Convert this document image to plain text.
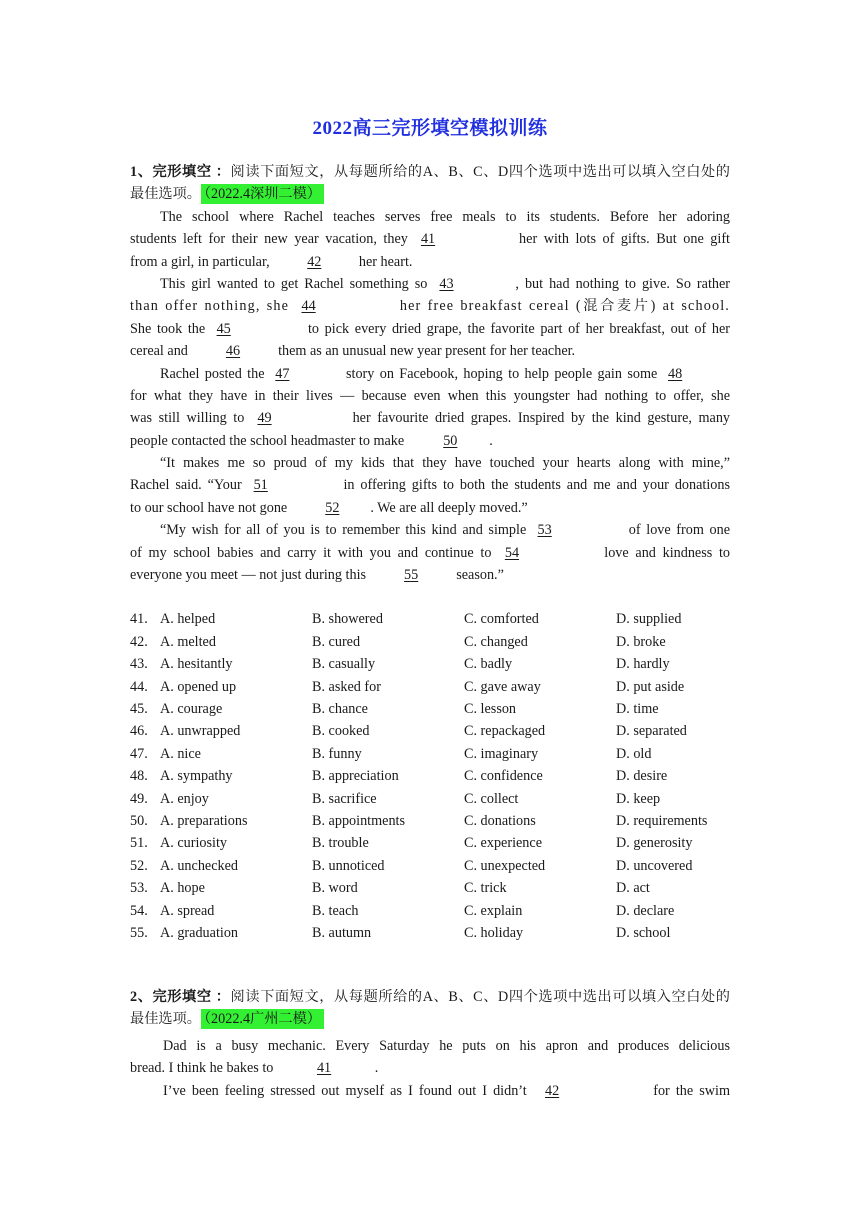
2022高三完形填空模拟训练
1、完形填空 ：阅读下面短文，从每题所给的A、B、C、D四个选项中选出可以填入空白处的
最佳选项。 （2022.4深圳二模）
The school where Rachel teaches serves free meals to its students. Before her adoring
students left for their new year vacation, they 41	her with lots of gifts. But one gift
from a girl, in particular,	42	her heart.
This girl wanted to get Rachel something so 43	, but had nothing to give. So rather
than offer nothing, she 44	her free breakfast cereal (混合麦片) at school.
She took the 45	to pick every dried grape, the favorite part of her breakfast, out of her
cereal and	46	them as an unusual new year present for her teacher.
Rachel posted the 47	story on Facebook, hoping to help people gain some 48
for what they have in their lives — because even when this youngster had nothing to offer, she
was still willing to 49	her favourite dried grapes. Inspired by the kind gesture, many
people contacted the school headmaster to make	50 .
“It makes me so proud of my kids that they have touched your hearts along with mine,”
Rachel said. “Your 51	in offering gifts to both the students and me and your donations
to our school have not gone	52 . We are all deeply moved.”
“My wish for all of you is to remember this kind and simple 53	of love from one
of my school babies and carry it with you and continue to 54	love and kindness to
everyone you meet — not just during this	55	season.”
41. A. helped	B. showered	C. comforted	D. supplied
42. A. melted	B. cured	C. changed	D. broke
43. A. hesitantly	B. casually	C. badly	D. hardly
44. A. opened up	B. asked for	C. gave away	D. put aside
45. A. courage	B. chance	C. lesson	D. time
46. A. unwrapped	B. cooked	C. repackaged	D. separated
47. A. nice	B. funny	C. imaginary	D. old
48. A. sympathy	B. appreciation	C. confidence	D. desire
49. A. enjoy	B. sacrifice	C. collect	D. keep
50. A. preparations	B. appointments	C. donations	D. requirements
51. A. curiosity	B. trouble	C. experience	D. generosity
52. A. unchecked	B. unnoticed	C. unexpected	D. uncovered
53. A. hope	B. word	C. trick	D. act
54. A. spread	B. teach	C. explain	D. declare
55. A. graduation	B. autumn	C. holiday	D. school
2、完形填空 ：阅读下面短文，从每题所给的A、B、C、D四个选项中选出可以填入空白处的
最佳选项。 （2022.4广州二模）
Dad is a busy mechanic. Every Saturday he puts on his apron and produces delicious
bread. I think he bakes to	41	.
I’ve been feeling stressed out myself as I found out I didn’t 42	for the swim
